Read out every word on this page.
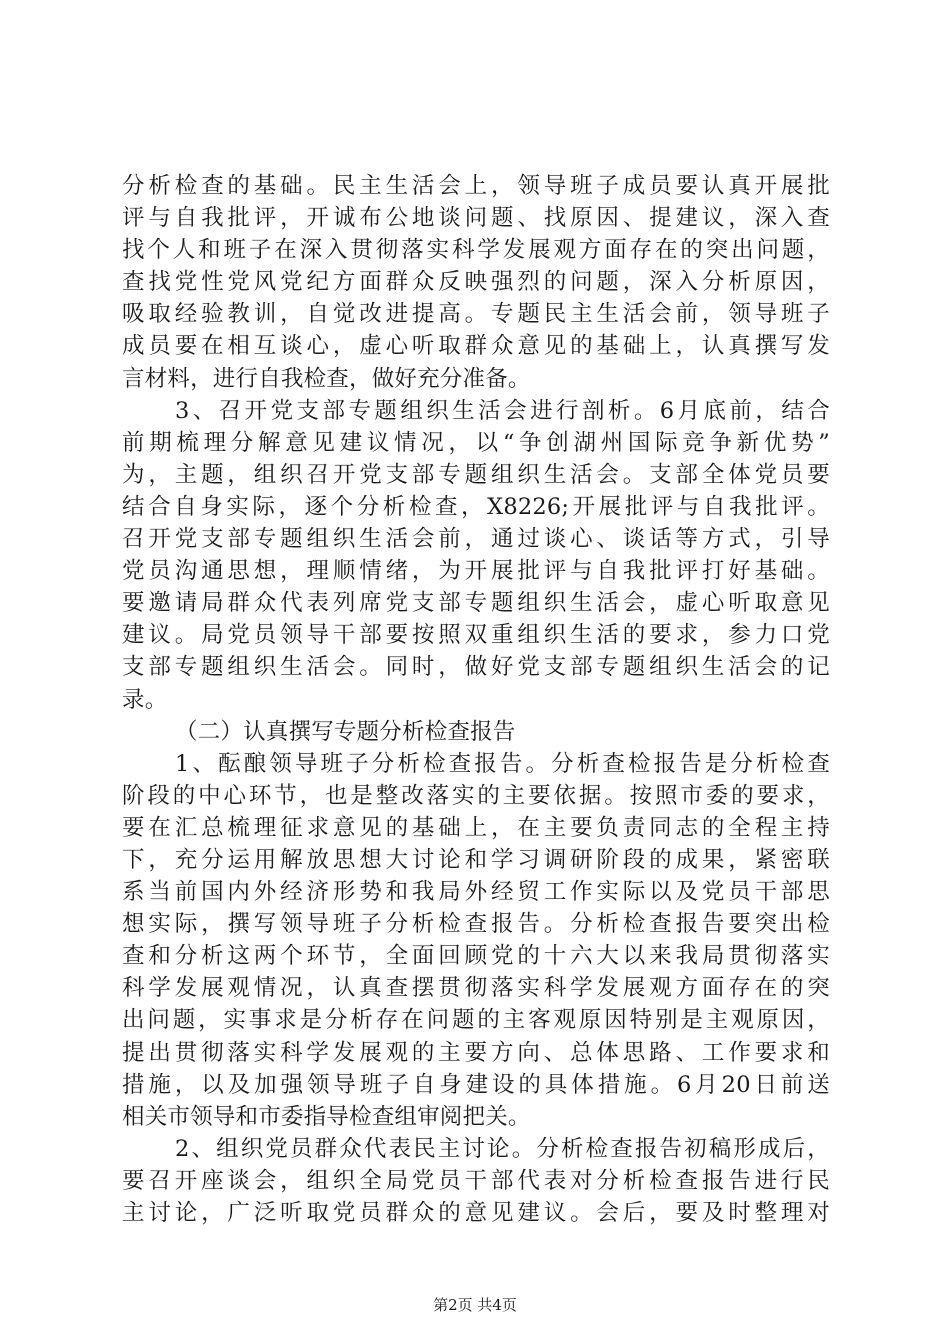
分析检查的基础。民主生活会上，领导班子成员要认真开展批
评与自我批评，开诚布公地谈问题、找原因、提建议，深入查
找个人和班子在深入贯彻落实科学发展观方面存在的突出问题，
查找党性党风党纪方面群众反映强烈的问题，深入分析原因，
吸取经验教训，自觉改进提高。专题民主生活会前，领导班子
成员要在相互谈心，虚心听取群众意见的基础上，认真撰写发
言材料，进行自我检查，做好充分准备。
3、召开党支部专题组织生活会进行剖析。6月底前，结合
前期梳理分解意见建议情况，以“争创湖州国际竞争新优势”
为，主题，组织召开党支部专题组织生活会。支部全体党员要
结合自身实际，逐个分析检查，X8226;开展批评与自我批评。
召开党支部专题组织生活会前，通过谈心、谈话等方式，引导
党员沟通思想，理顺情绪，为开展批评与自我批评打好基础。
要邀请局群众代表列席党支部专题组织生活会，虚心听取意见
建议。局党员领导干部要按照双重组织生活的要求，参力口党
支部专题组织生活会。同时，做好党支部专题组织生活会的记
录。
（二）认真撰写专题分析检查报告
1、酝酿领导班子分析检查报告。分析查检报告是分析检查
阶段的中心环节，也是整改落实的主要依据。按照市委的要求，
要在汇总梳理征求意见的基础上，在主要负责同志的全程主持
下，充分运用解放思想大讨论和学习调研阶段的成果，紧密联
系当前国内外经济形势和我局外经贸工作实际以及党员干部思
想实际，撰写领导班子分析检查报告。分析检查报告要突出检
查和分析这两个环节，全面回顾党的十六大以来我局贯彻落实
科学发展观情况，认真查摆贯彻落实科学发展观方面存在的突
出问题，实事求是分析存在问题的主客观原因特别是主观原因，
提出贯彻落实科学发展观的主要方向、总体思路、工作要求和
措施，以及加强领导班子自身建设的具体措施。6月20日前送
相关市领导和市委指导检查组审阅把关。
2、组织党员群众代表民主讨论。分析检查报告初稿形成后，
要召开座谈会，组织全局党员干部代表对分析检查报告进行民
主讨论，广泛听取党员群众的意见建议。会后，要及时整理对
第2页 共4页
